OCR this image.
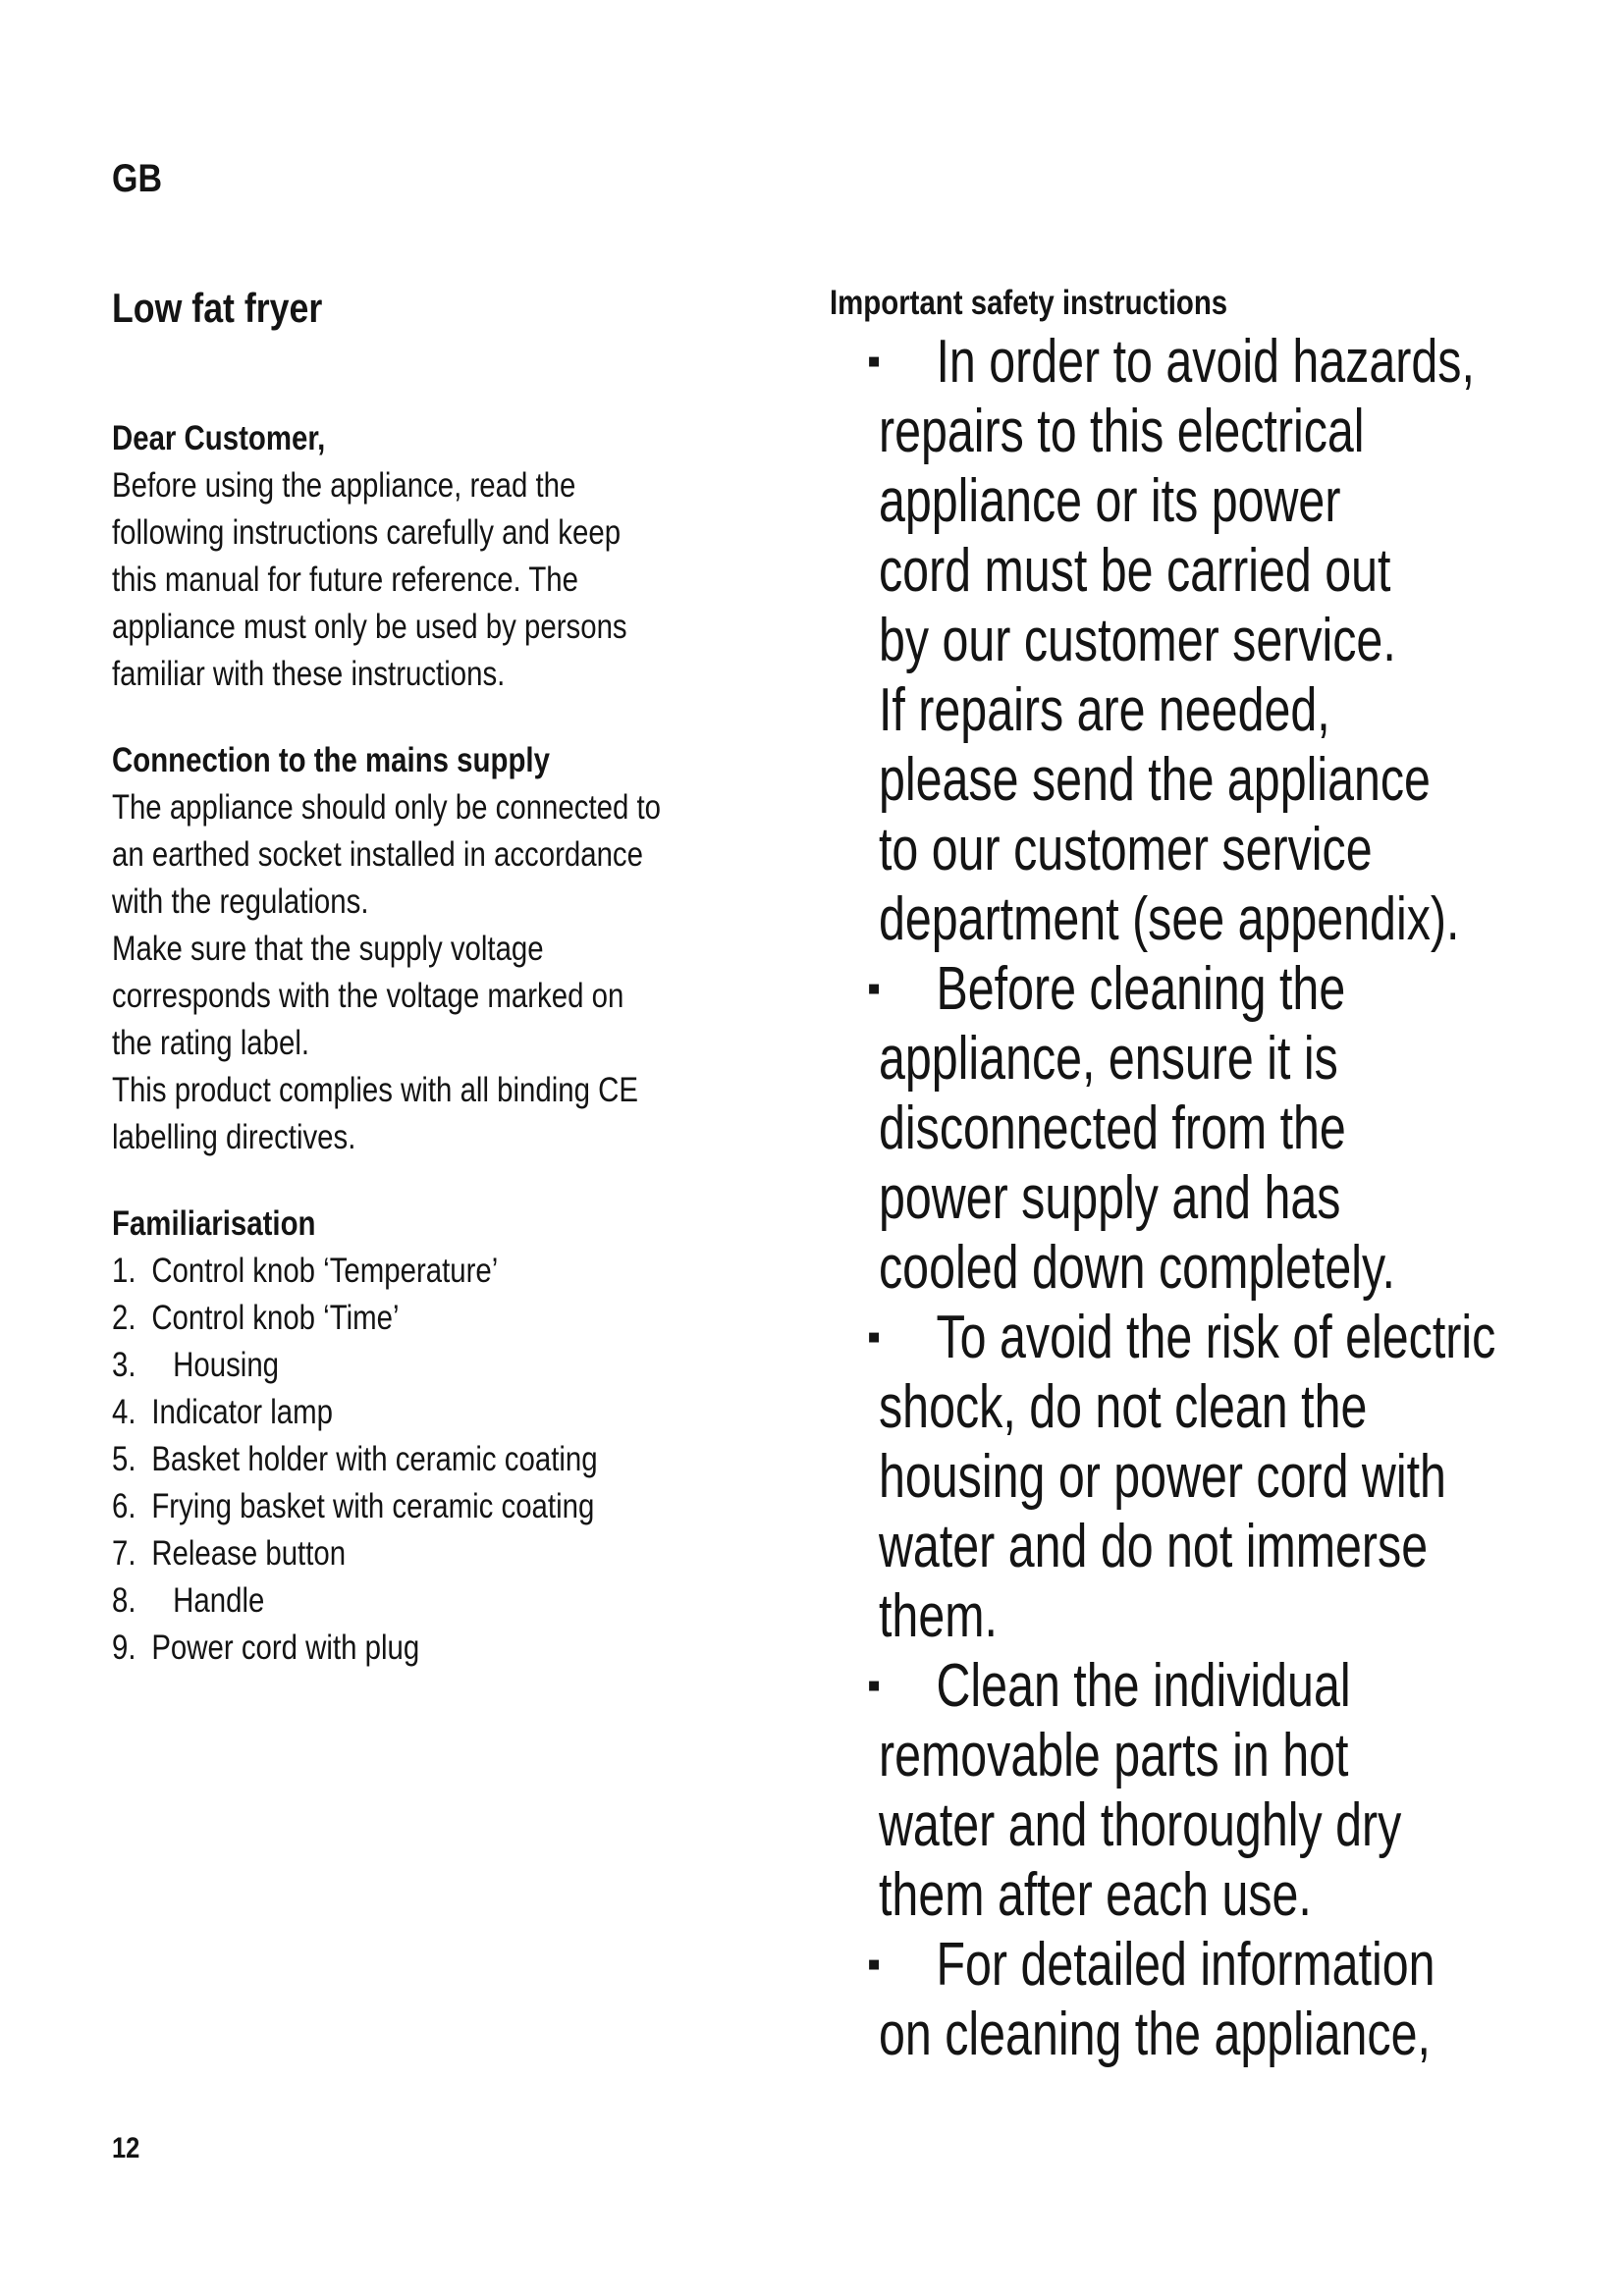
GB
Low fat fryer
Dear Customer,

Before using the appliance, read the

following instructions carefully and keep

this manual for future reference. The

appliance must only be used by persons

familiar with these instructions.

Connection to the mains supply

The appliance should only be connected to

an earthed socket installed in accordance

with the regulations.

Make sure that the supply voltage

corresponds with the voltage marked on

the rating label.

This product complies with all binding CE

labelling directives.

Familiarisation
1. Control knob ‘Temperature’
2. Control knob ‘Time’
3. Housing
4. Indicator lamp
5. Basket holder with ceramic coating
6. Frying basket with ceramic coating
7. Release button
8. Handle
9. Power cord with plug
Important safety instructions
▪ In order to avoid hazards,
repairs to this electrical
appliance or its power
cord must be carried out
by our customer service.
If repairs are needed,
please send the appliance
to our customer service
department (see appendix).
▪ Before cleaning the
appliance, ensure it is
disconnected from the
power supply and has
cooled down completely.
▪ To avoid the risk of electric
shock, do not clean the
housing or power cord with
water and do not immerse
them.
▪ Clean the individual
removable parts in hot
water and thoroughly dry
them after each use.
▪ For detailed information
on cleaning the appliance,
12
